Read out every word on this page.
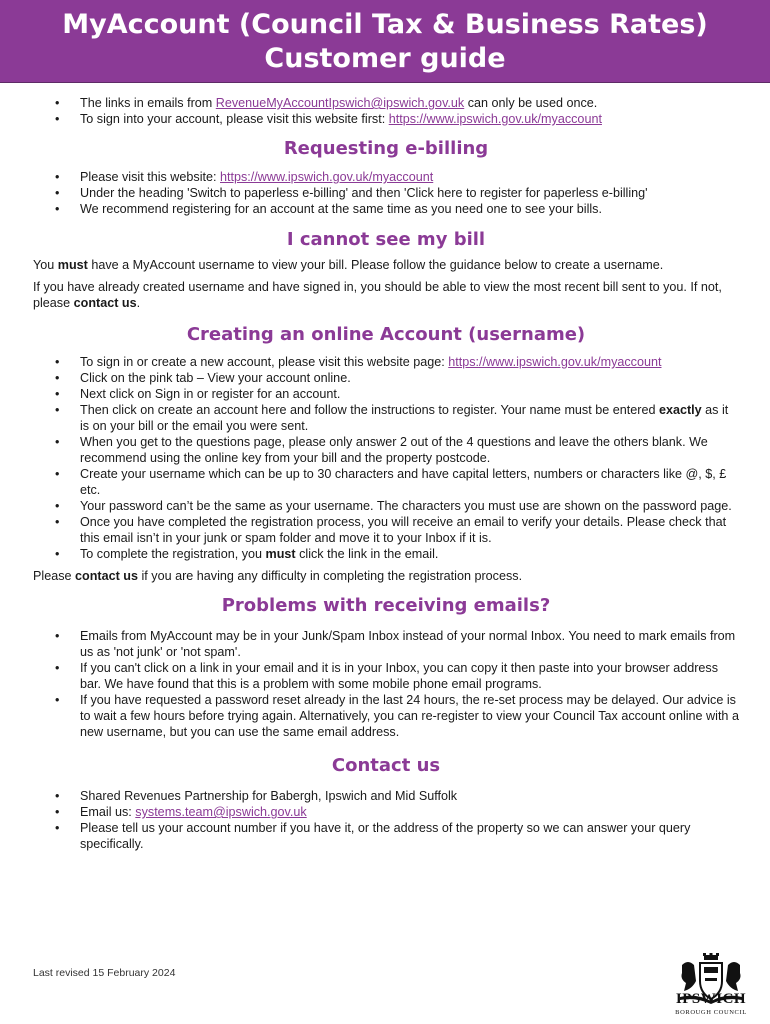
MyAccount (Council Tax & Business Rates)
Customer guide
• The links in emails from RevenueMyAccountIpswich@ipswich.gov.uk can only be used once.
• To sign into your account, please visit this website first: https://www.ipswich.gov.uk/myaccount
Requesting e-billing
• Please visit this website: https://www.ipswich.gov.uk/myaccount
• Under the heading 'Switch to paperless e-billing' and then 'Click here to register for paperless e-billing'
• We recommend registering for an account at the same time as you need one to see your bills.
I cannot see my bill

You must have a MyAccount username to view your bill. Please follow the guidance below to create a username.

If you have already created username and have signed in, you should be able to view the most recent bill sent to you. If not, please contact us.

Creating an online Account (username)
• To sign in or create a new account, please visit this website page: https://www.ipswich.gov.uk/myaccount
• Click on the pink tab – View your account online.
• Next click on Sign in or register for an account.
• Then click on create an account here and follow the instructions to register. Your name must be entered exactly as it is on your bill or the email you were sent.
• When you get to the questions page, please only answer 2 out of the 4 questions and leave the others blank. We recommend using the online key from your bill and the property postcode.
• Create your username which can be up to 30 characters and have capital letters, numbers or characters like @, $, £ etc.
• Your password can’t be the same as your username. The characters you must use are shown on the password page.
• Once you have completed the registration process, you will receive an email to verify your details. Please check that this email isn’t in your junk or spam folder and move it to your Inbox if it is.
• To complete the registration, you must click the link in the email.

Please contact us if you are having any difficulty in completing the registration process.

Problems with receiving emails?
• Emails from MyAccount may be in your Junk/Spam Inbox instead of your normal Inbox. You need to mark emails from us as 'not junk' or 'not spam'.
• If you can't click on a link in your email and it is in your Inbox, you can copy it then paste into your browser address bar. We have found that this is a problem with some mobile phone email programs.
• If you have requested a password reset already in the last 24 hours, the re-set process may be delayed. Our advice is to wait a few hours before trying again. Alternatively, you can re-register to view your Council Tax account online with a new username, but you can use the same email address.
Contact us
• Shared Revenues Partnership for Babergh, Ipswich and Mid Suffolk
• Email us: systems.team@ipswich.gov.uk
• Please tell us your account number if you have it, or the address of the property so we can answer your query specifically.
Last revised 15 February 2024
IPSWICH
BOROUGH COUNCIL
